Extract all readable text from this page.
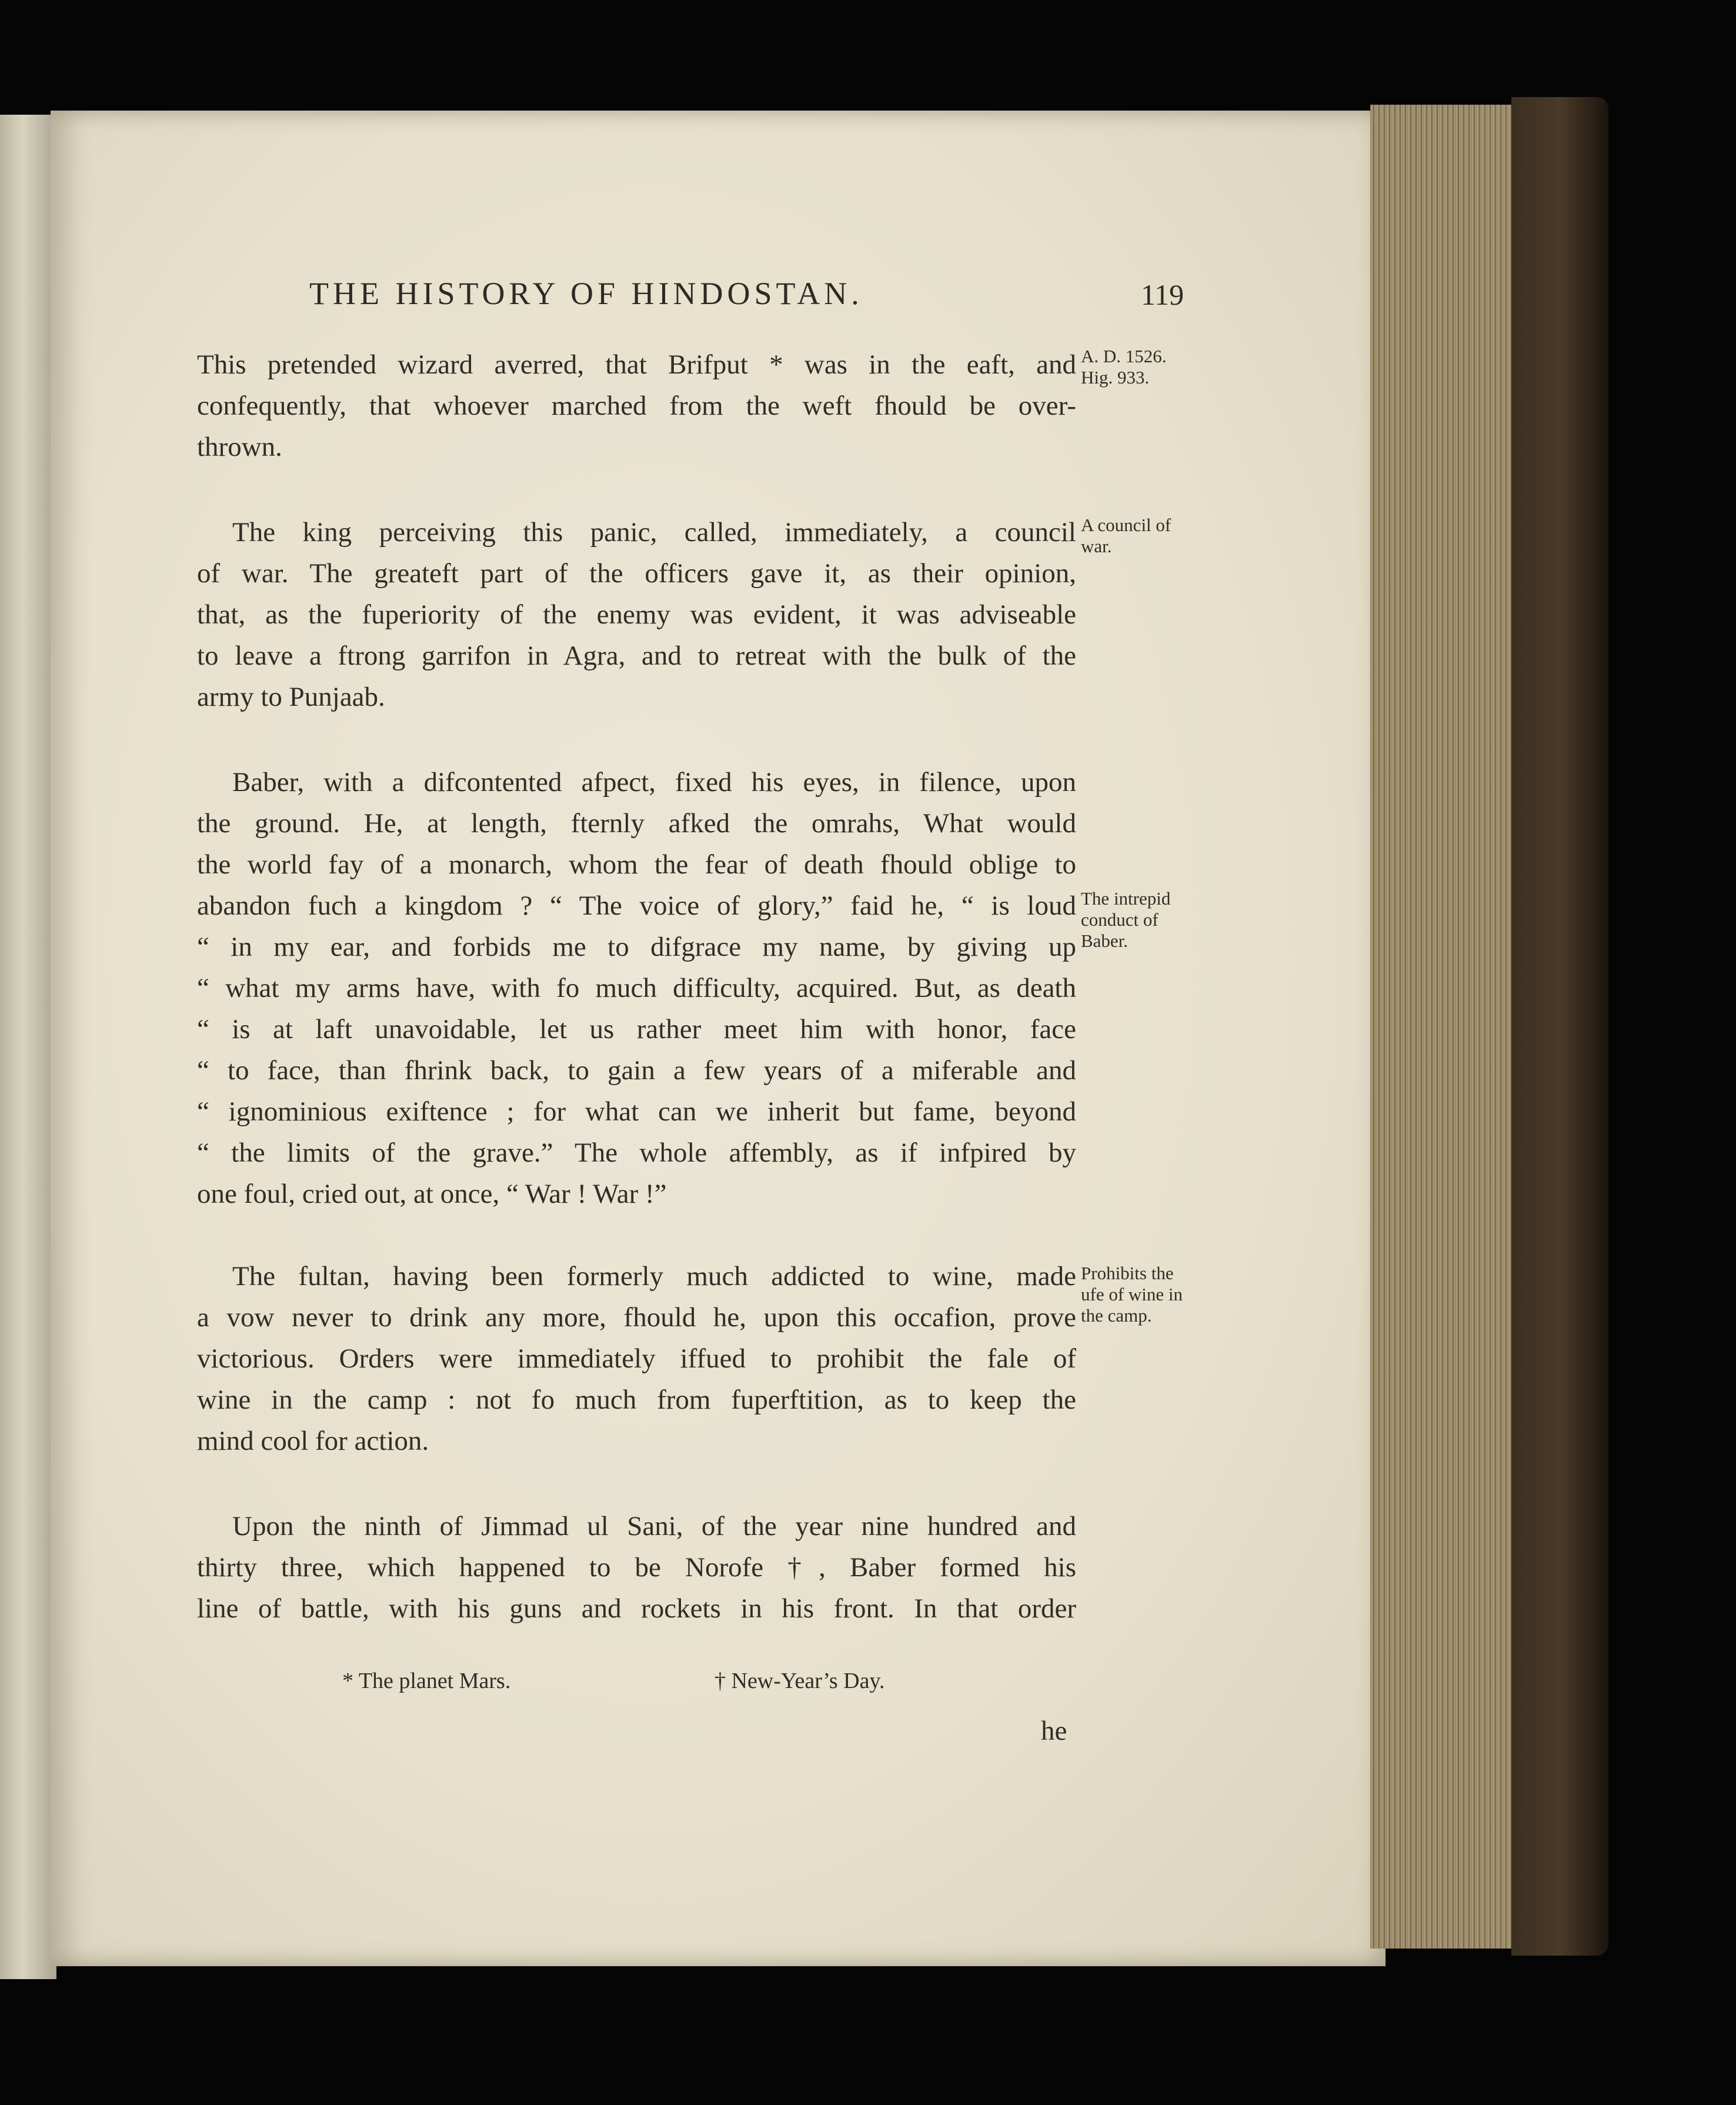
THE HISTORY OF HINDOSTAN.	119
This pretended wizard averred, that Brifput * was in the eaft, and
confequently, that whoever marched from the weft fhould be over-
thrown.
The king perceiving this panic, called, immediately, a council
of war. The greateft part of the officers gave it, as their opinion,
that, as the fuperiority of the enemy was evident, it was adviseable
to leave a ftrong garrifon in Agra, and to retreat with the bulk of the
army to Punjaab.
Baber, with a difcontented afpect, fixed his eyes, in filence, upon
the ground. He, at length, fternly afked the omrahs, What would
the world fay of a monarch, whom the fear of death fhould oblige to
abandon fuch a kingdom ? “ The voice of glory,” faid he, “ is loud
“ in my ear, and forbids me to difgrace my name, by giving up
“ what my arms have, with fo much difficulty, acquired. But, as death
“ is at laft unavoidable, let us rather meet him with honor, face
“ to face, than fhrink back, to gain a few years of a miferable and
“ ignominious exiftence ; for what can we inherit but fame, beyond
“ the limits of the grave.” The whole affembly, as if infpired by
one foul, cried out, at once, “ War ! War !”
The fultan, having been formerly much addicted to wine, made
a vow never to drink any more, fhould he, upon this occafion, prove
victorious. Orders were immediately iffued to prohibit the fale of
wine in the camp : not fo much from fuperftition, as to keep the
mind cool for action.
Upon the ninth of Jimmad ul Sani, of the year nine hundred and
thirty three, which happened to be Norofe †, Baber formed his
line of battle, with his guns and rockets in his front. In that order
A. D. 1526.
Hig. 933.
A council of
war.
The intrepid
conduct of
Baber.
Prohibits the
ufe of wine in
the camp.
* The planet Mars.	† New-Year’s Day.
he
